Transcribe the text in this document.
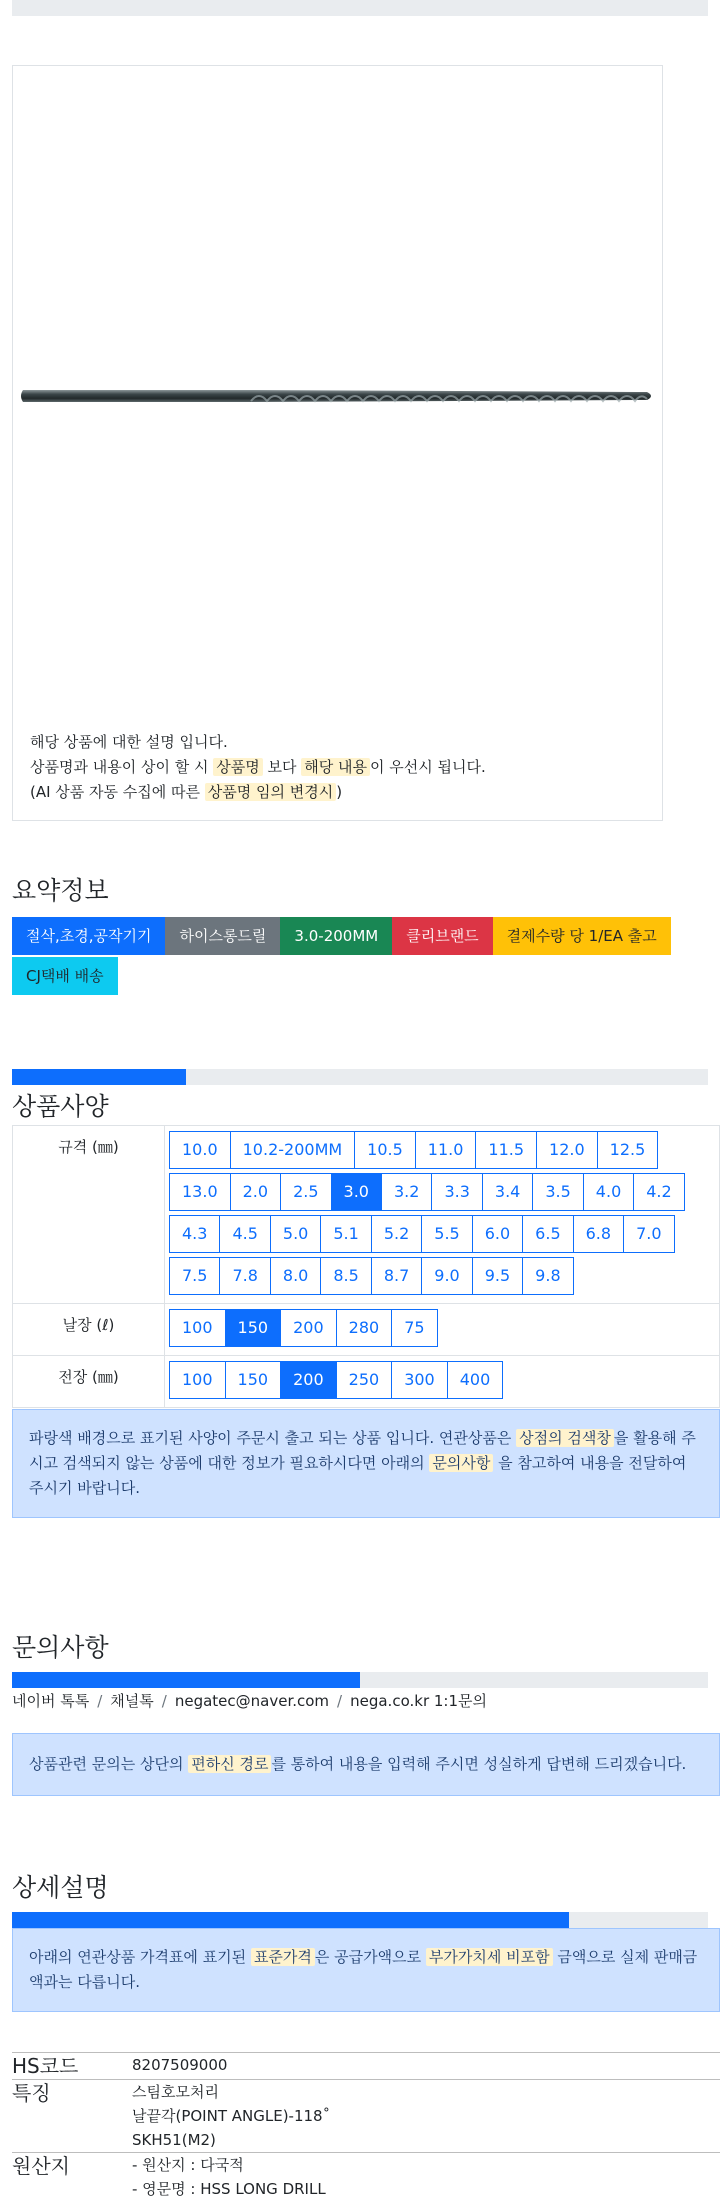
해당 상품에 대한 설명 입니다.
상품명과 내용이 상이 할 시 상품명 보다 해당 내용 이 우선시 됩니다.
(AI 상품 자동 수집에 따른 상품명 임의 변경시 )
요약정보
절삭,초경,공작기기	하이스롱드릴	3.0-200MM	클리브랜드	결제수량 당 1/EA 출고
CJ택배 배송
상품사양
규격 (㎜)	10.0	10.2-200MM	10.5	11.0	11.5	12.0	12.5
13.0	2.0	2.5	3.0	3.2	3.3	3.4	3.5	4.0	4.2
4.3	4.5	5.0	5.1	5.2	5.5	6.0	6.5	6.8	7.0
7.5	7.8	8.0	8.5	8.7	9.0	9.5	9.8
날장 (ℓ)	100	150	200	280	75
전장 (㎜)	100	150	200	250	300	400
파랑색 배경으로 표기된 사양이 주문시 출고 되는 상품 입니다. 연관상품은 상점의 검색창 을 활용해 주시고 검색되지 않는 상품에 대한 정보가 필요하시다면 아래의 문의사항 을 참고하여 내용을 전달하여 주시기 바랍니다.
문의사항
네이버 톡톡 / 채널톡 / negatec@naver.com / nega.co.kr 1:1문의
상품관련 문의는 상단의 편하신 경로 를 통하여 내용을 입력해 주시면 성실하게 답변해 드리겠습니다.
상세설명
아래의 연관상품 가격표에 표기된 표준가격 은 공급가액으로 부가가치세 비포함 금액으로 실제 판매금액과는 다릅니다.
HS코드	8207509000
특징	스팀호모처리
날끝각(POINT ANGLE)-118˚
SKH51(M2)
원산지	- 원산지 : 다국적
- 영문명 : HSS LONG DRILL
